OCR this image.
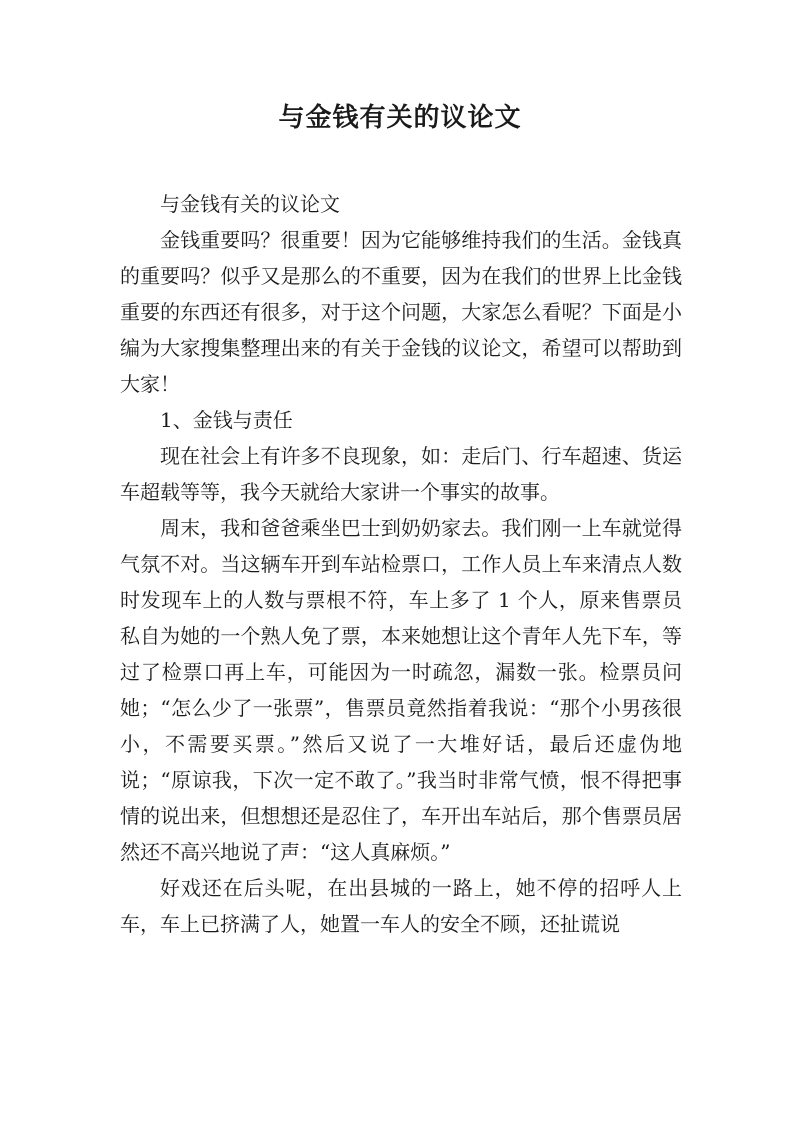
与金钱有关的议论文

与金钱有关的议论文

金钱重要吗？很重要！因为它能够维持我们的生活。金钱真的重要吗？似乎又是那么的不重要，因为在我们的世界上比金钱重要的东西还有很多，对于这个问题，大家怎么看呢？下面是小编为大家搜集整理出来的有关于金钱的议论文，希望可以帮助到大家！

1、金钱与责任

现在社会上有许多不良现象，如：走后门、行车超速、货运车超载等等，我今天就给大家讲一个事实的故事。

周末，我和爸爸乘坐巴士到奶奶家去。我们刚一上车就觉得气氛不对。当这辆车开到车站检票口，工作人员上车来清点人数时发现车上的人数与票根不符，车上多了 1 个人，原来售票员私自为她的一个熟人免了票，本来她想让这个青年人先下车，等过了检票口再上车，可能因为一时疏忽，漏数一张。检票员问她；“怎么少了一张票”，售票员竟然指着我说：“那个小男孩很小，不需要买票。”然后又说了一大堆好话，最后还虚伪地说；“原谅我，下次一定不敢了。”我当时非常气愤，恨不得把事情的说出来，但想想还是忍住了，车开出车站后，那个售票员居然还不高兴地说了声：“这人真麻烦。”

好戏还在后头呢，在出县城的一路上，她不停的招呼人上车，车上已挤满了人，她置一车人的安全不顾，还扯谎说
